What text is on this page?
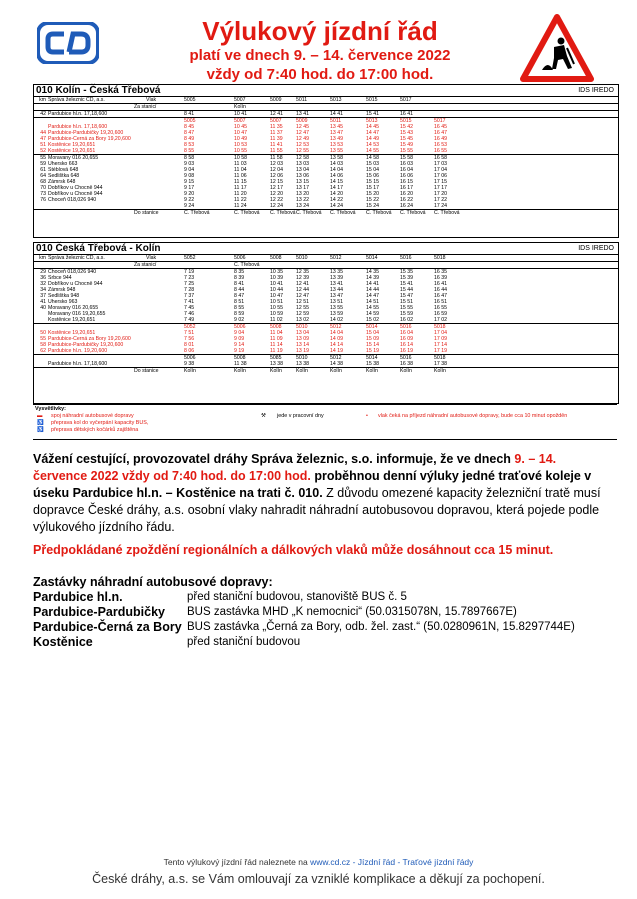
Výlukový jízdní řád
platí ve dnech 9. – 14. července 2022
vždy od 7:40 hod. do 17:00 hod.
010 Kolín - Česká Třebová	IDS IREDO
km Správa železnic ČD, a.s.	Vlak	5005	5007	5009	5011	5013	5015	5017
Za stanicí	Kolín
42 Pardubice hl.n. 17,18,600	8 41	10 41	12 41	13 41	14 41	15 41	16 41
5005	5007	5007	5009	5011	5013	5015	5017
Pardubice hl.n. 17,18,600	8 45	10 45	11 35	12 45	13 45	14 45	15 42	16 45
44 Pardubice-Pardubičky 19,20,600	8 47	10 47	11 37	12 47	13 47	14 47	15 43	16 47
47 Pardubice-Černá za Bory 19,20,600	8 49	10 49	11 39	12 49	13 49	14 49	15 45	16 49
51 Kostěnice 19,20,651	8 53	10 53	11 41	12 53	13 53	14 53	15 49	16 53
52 Kostěnice 19,20,651	8 55	10 55	11 55	12 55	13 55	14 55	15 55	16 55
55 Moravany 016 20,655	8 58	10 58	11 58	12 58	13 58	14 58	15 58	16 58
59 Uhersko 663	9 03	11 03	12 03	13 03	14 03	15 03	16 03	17 03
61 Stéblová 648	9 04	11 04	12 04	13 04	14 04	15 04	16 04	17 04
64 Sedlištka 648	9 08	11 06	12 06	13 06	14 06	15 06	16 06	17 06
68 Zámrsk 648	9 15	11 15	12 15	13 15	14 15	15 15	16 15	17 15
70 Dobříkov u Chocně 944	9 17	11 17	12 17	13 17	14 17	15 17	16 17	17 17
73 Dobříkov u Chocně 944	9 20	11 20	12 20	13 20	14 20	15 20	16 20	17 20
76 Choceň 018,026 940	9 22	11 22	12 22	13 22	14 22	15 22	16 22	17 22
9 24	11 24	12 24	13 24	14 24	15 24	16 24	17 24
Do stanice	Č. Třebová	Č. Třebová Č. Třebová Č. Třebová Č. Třebová Č. Třebová Č. Třebová Č. Třebová
010 Česká Třebová - Kolín	IDS IREDO
km Správa železnic ČD, a.s.	Vlak	5052	5006	5008	5010	5012	5014	5016	5018
Za stanicí	Č. Třebová
29 Choceň 018,026 940	7 19	8 35	10 35	12 35	13 35	14 35	15 35	16 35
36 Srbce 944	7 23	8 39	10 39	12 39	13 39	14 39	15 39	16 39
32 Dobříkov u Chocně 944	7 25	8 41	10 41	12 41	13 41	14 41	15 41	16 41
34 Zámrsk 948	7 28	8 44	10 44	12 44	13 44	14 44	15 44	16 44
37 Sedlištka 948	7 37	8 47	10 47	12 47	13 47	14 47	15 47	16 47
41 Uhersko 963	7 41	8 51	10 51	12 51	13 51	14 51	15 51	16 51
40 Moravany 016 20,655	7 45	8 55	10 55	12 55	13 55	14 55	15 55	16 55
Moravany 016 19,20,655	7 46	8 59	10 59	12 59	13 59	14 59	15 59	16 59
Kostěnice 19,20,651	7 49	9 02	11 02	13 02	14 02	15 02	16 02	17 02
5052	5006	5008	5010	5012	5014	5016	5018
50 Kostěnice 19,20,651	7 51	9 04	11 04	13 04	14 04	15 04	16 04	17 04
55 Pardubice-Černá za Bory 19,20,600	7 56	9 09	11 09	13 09	14 09	15 09	16 09	17 09
58 Pardubice-Pardubičky 19,20,600	8 01	9 14	11 14	13 14	14 14	15 14	16 14	17 14
62 Pardubice hl.n. 19,20,600	8 06	9 19	11 19	13 19	14 19	15 19	16 19	17 19
5006	5008	5085	5010	5012	5014	5016	5018
Pardubice hl.n. 17,18,600	9 38	11 38	13 38	13 38	14 38	15 38	16 38	17 38
Do stanice	Kolín	Kolín	Kolín	Kolín	Kolín	Kolín	Kolín	Kolín
Vysvětlivky:
▬	spoj náhradní autobusové dopravy
♿	přeprava kol do vyčerpání kapacity BUS,
♿	přeprava dětských kočárků zajištěna
⚒ jede v pracovní dny	• vlak čeká na příjezd náhradní autobusové dopravy, bude cca 10 minut opožděn
Vážení cestující, provozovatel dráhy Správa železnic, s.o. informuje, že ve dnech 9. – 14. července 2022 vždy od 7:40 hod. do 17:00 hod. proběhnou denní výluky jedné traťové koleje v úseku Pardubice hl.n. – Kostěnice na trati č. 010. Z důvodu omezené kapacity železniční tratě musí dopravce České dráhy, a.s. osobní vlaky nahradit náhradní autobusovou dopravou, která pojede podle výlukového jízdního řádu.
Předpokládané zpoždění regionálních a dálkových vlaků může dosáhnout cca 15 minut.
Zastávky náhradní autobusové dopravy:
Pardubice hl.n.	před staniční budovou, stanoviště BUS č. 5
Pardubice-Pardubičky BUS zastávka MHD „K nemocnici“ (50.0315078N, 15.7897667E)
Pardubice-Černá za Bory BUS zastávka „Černá za Bory, odb. žel. zast.“ (50.0280961N, 15.8297744E)
Kostěnice	před staniční budovou
Tento výlukový jízdní řád naleznete na www.cd.cz - Jízdní řád - Traťové jízdní řády
České dráhy, a.s. se Vám omlouvají za vzniklé komplikace a děkují za pochopení.
